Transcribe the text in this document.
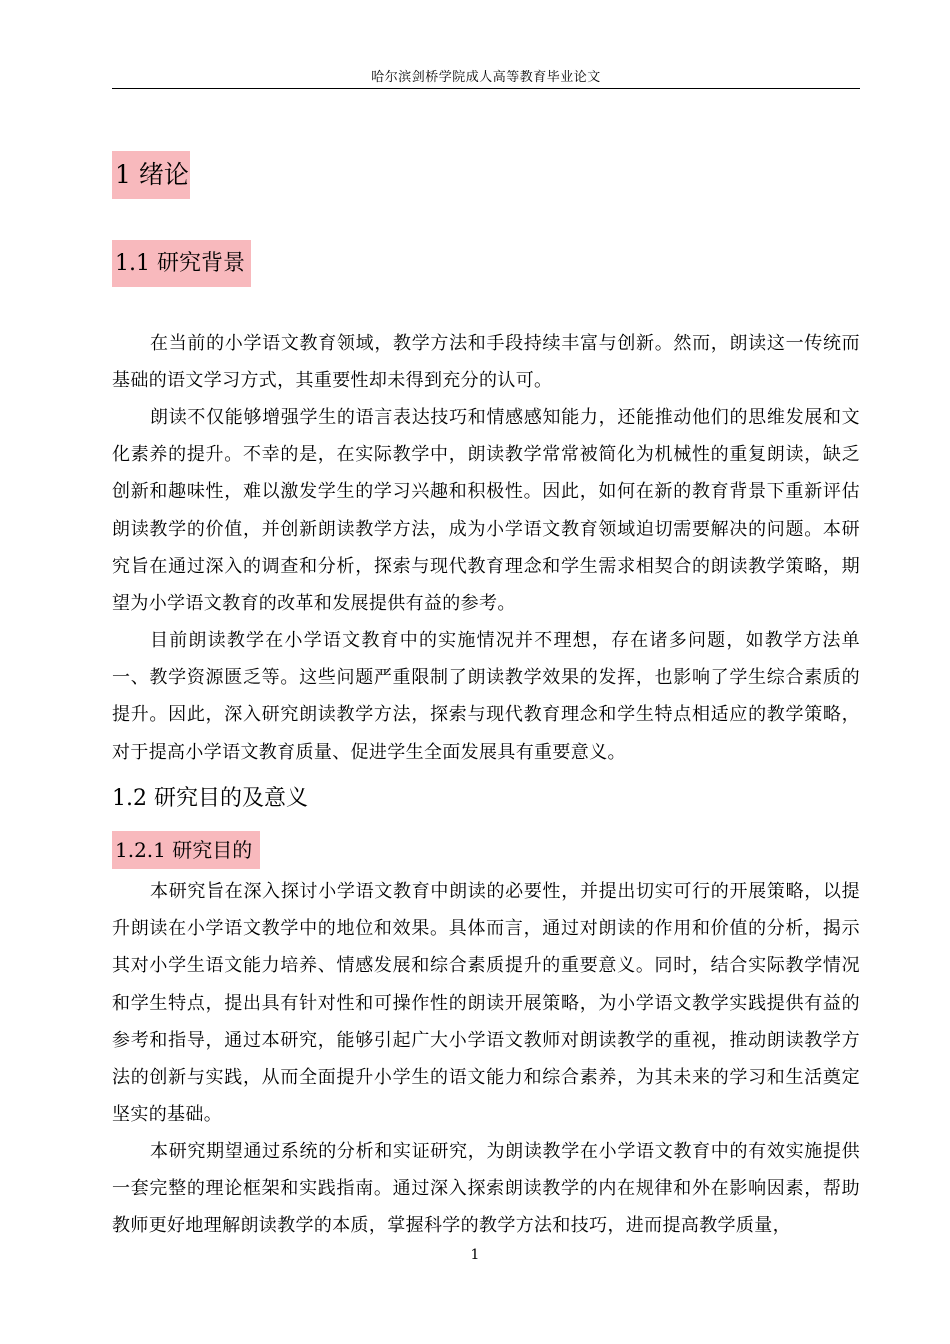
哈尔滨剑桥学院成人高等教育毕业论文
1 绪论
1.1 研究背景

在当前的小学语文教育领域，教学方法和手段持续丰富与创新。然而，朗读这一传统而基础的语文学习方式，其重要性却未得到充分的认可。

朗读不仅能够增强学生的语言表达技巧和情感感知能力，还能推动他们的思维发展和文化素养的提升。不幸的是，在实际教学中，朗读教学常常被简化为机械性的重复朗读，缺乏创新和趣味性，难以激发学生的学习兴趣和积极性。因此，如何在新的教育背景下重新评估朗读教学的价值，并创新朗读教学方法，成为小学语文教育领域迫切需要解决的问题。本研究旨在通过深入的调查和分析，探索与现代教育理念和学生需求相契合的朗读教学策略，期望为小学语文教育的改革和发展提供有益的参考。

目前朗读教学在小学语文教育中的实施情况并不理想，存在诸多问题，如教学方法单一、教学资源匮乏等。这些问题严重限制了朗读教学效果的发挥，也影响了学生综合素质的提升。因此，深入研究朗读教学方法，探索与现代教育理念和学生特点相适应的教学策略，对于提高小学语文教育质量、促进学生全面发展具有重要意义。

1.2 研究目的及意义
1.2.1 研究目的

本研究旨在深入探讨小学语文教育中朗读的必要性，并提出切实可行的开展策略，以提升朗读在小学语文教学中的地位和效果。具体而言，通过对朗读的作用和价值的分析，揭示其对小学生语文能力培养、情感发展和综合素质提升的重要意义。同时，结合实际教学情况和学生特点，提出具有针对性和可操作性的朗读开展策略，为小学语文教学实践提供有益的参考和指导，通过本研究，能够引起广大小学语文教师对朗读教学的重视，推动朗读教学方法的创新与实践，从而全面提升小学生的语文能力和综合素养，为其未来的学习和生活奠定坚实的基础。

本研究期望通过系统的分析和实证研究，为朗读教学在小学语文教育中的有效实施提供一套完整的理论框架和实践指南。通过深入探索朗读教学的内在规律和外在影响因素，帮助教师更好地理解朗读教学的本质，掌握科学的教学方法和技巧，进而提高教学质量，

1
